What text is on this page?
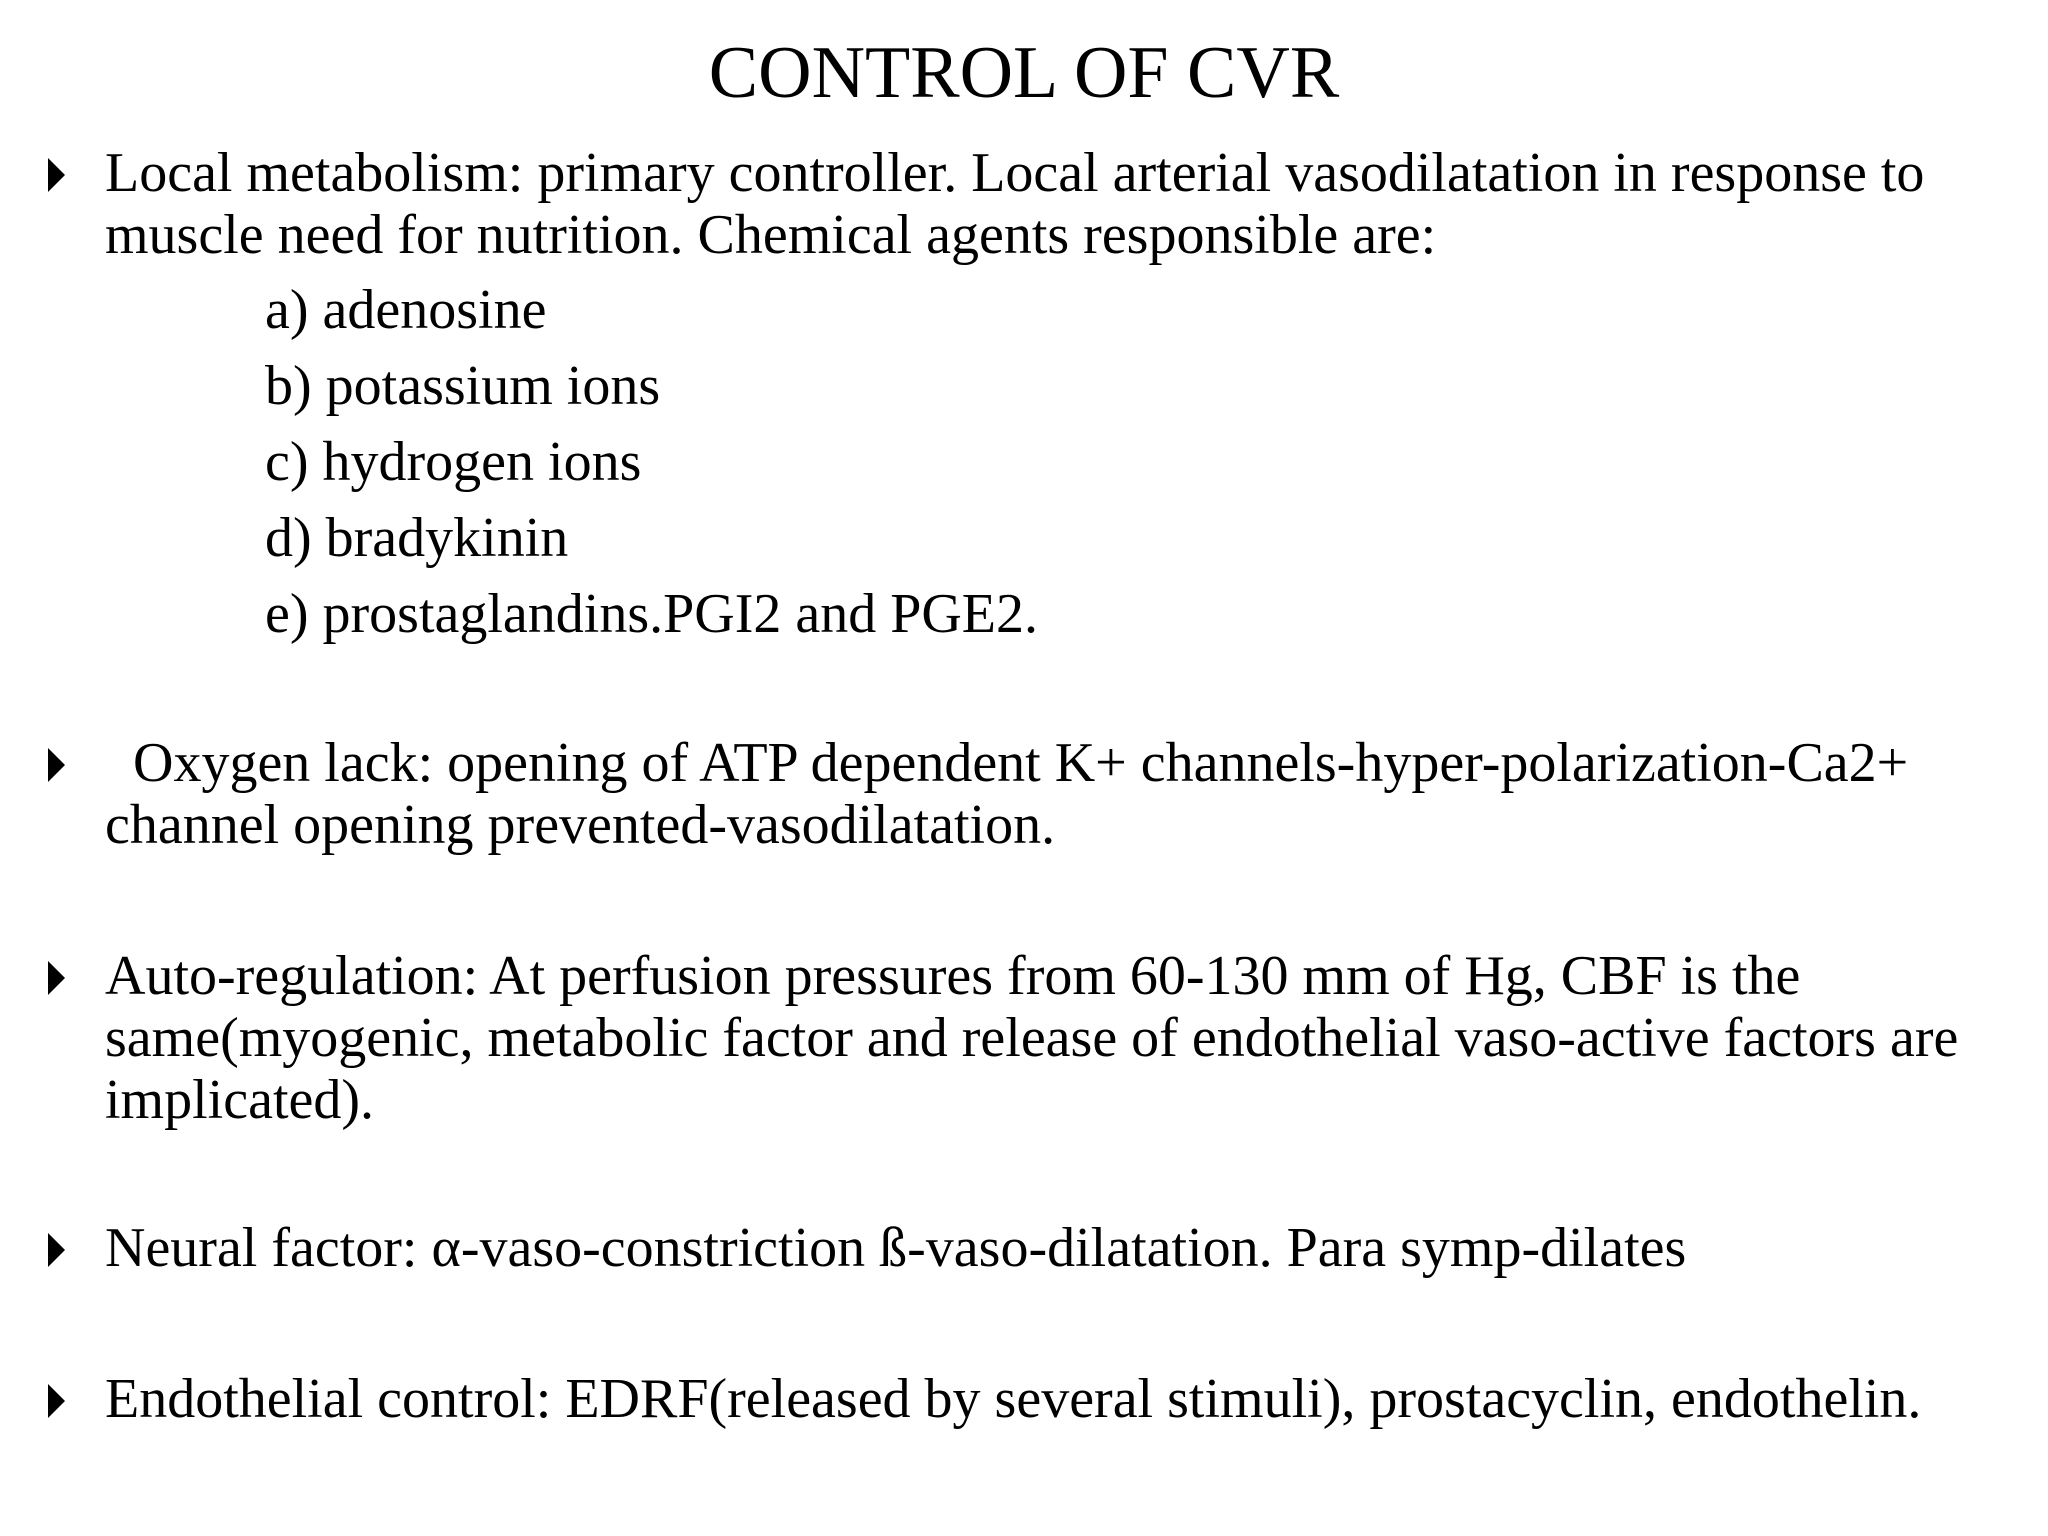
CONTROL OF CVR
Local metabolism: primary controller. Local arterial vasodilatation in response to muscle need for nutrition. Chemical agents responsible are:
a) adenosine
b) potassium ions
c) hydrogen ions
d) bradykinin
e) prostaglandins.PGI2 and PGE2.
Oxygen lack: opening of ATP dependent K+ channels-hyper-polarization-Ca2+ channel opening prevented-vasodilatation.
Auto-regulation: At perfusion pressures from 60-130 mm of Hg, CBF is the same(myogenic, metabolic factor and release of endothelial vaso-active factors are implicated).
Neural factor: α-vaso-constriction ß-vaso-dilatation. Para symp-dilates
Endothelial control: EDRF(released by several stimuli), prostacyclin, endothelin.
